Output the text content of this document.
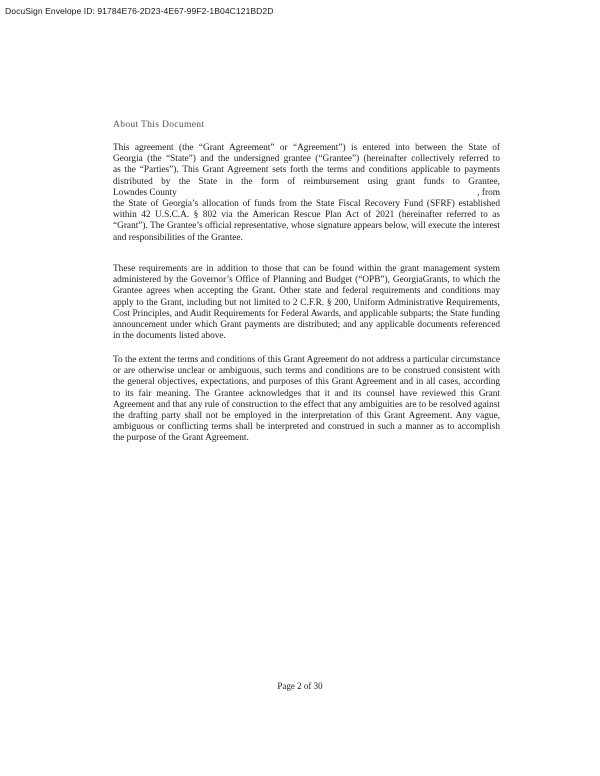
DocuSign Envelope ID: 91784E76-2D23-4E67-99F2-1B04C121BD2D
About This Document
This agreement (the “Grant Agreement” or “Agreement”) is entered into between the State of
Georgia (the “State”) and the undersigned grantee (“Grantee”) (hereinafter collectively referred to
as the “Parties”). This Grant Agreement sets forth the terms and conditions applicable to payments
distributed by the State in the form of reimbursement using grant funds to Grantee,
Lowndes County	, from
the State of Georgia’s allocation of funds from the State Fiscal Recovery Fund (SFRF) established within 42 U.S.C.A. § 802 via the American Rescue Plan Act of 2021 (hereinafter referred to as “Grant”). The Grantee’s official representative, whose signature appears below, will execute the interest and responsibilities of the Grantee.

These requirements are in addition to those that can be found within the grant management system administered by the Governor’s Office of Planning and Budget (“OPB”), GeorgiaGrants, to which the Grantee agrees when accepting the Grant. Other state and federal requirements and conditions may apply to the Grant, including but not limited to 2 C.F.R. § 200, Uniform Administrative Requirements, Cost Principles, and Audit Requirements for Federal Awards, and applicable subparts; the State funding announcement under which Grant payments are distributed; and any applicable documents referenced in the documents listed above.

To the extent the terms and conditions of this Grant Agreement do not address a particular circumstance or are otherwise unclear or ambiguous, such terms and conditions are to be construed consistent with the general objectives, expectations, and purposes of this Grant Agreement and in all cases, according to its fair meaning. The Grantee acknowledges that it and its counsel have reviewed this Grant Agreement and that any rule of construction to the effect that any ambiguities are to be resolved against the drafting party shall not be employed in the interpretation of this Grant Agreement. Any vague, ambiguous or conflicting terms shall be interpreted and construed in such a manner as to accomplish the purpose of the Grant Agreement.

Page 2 of 30
